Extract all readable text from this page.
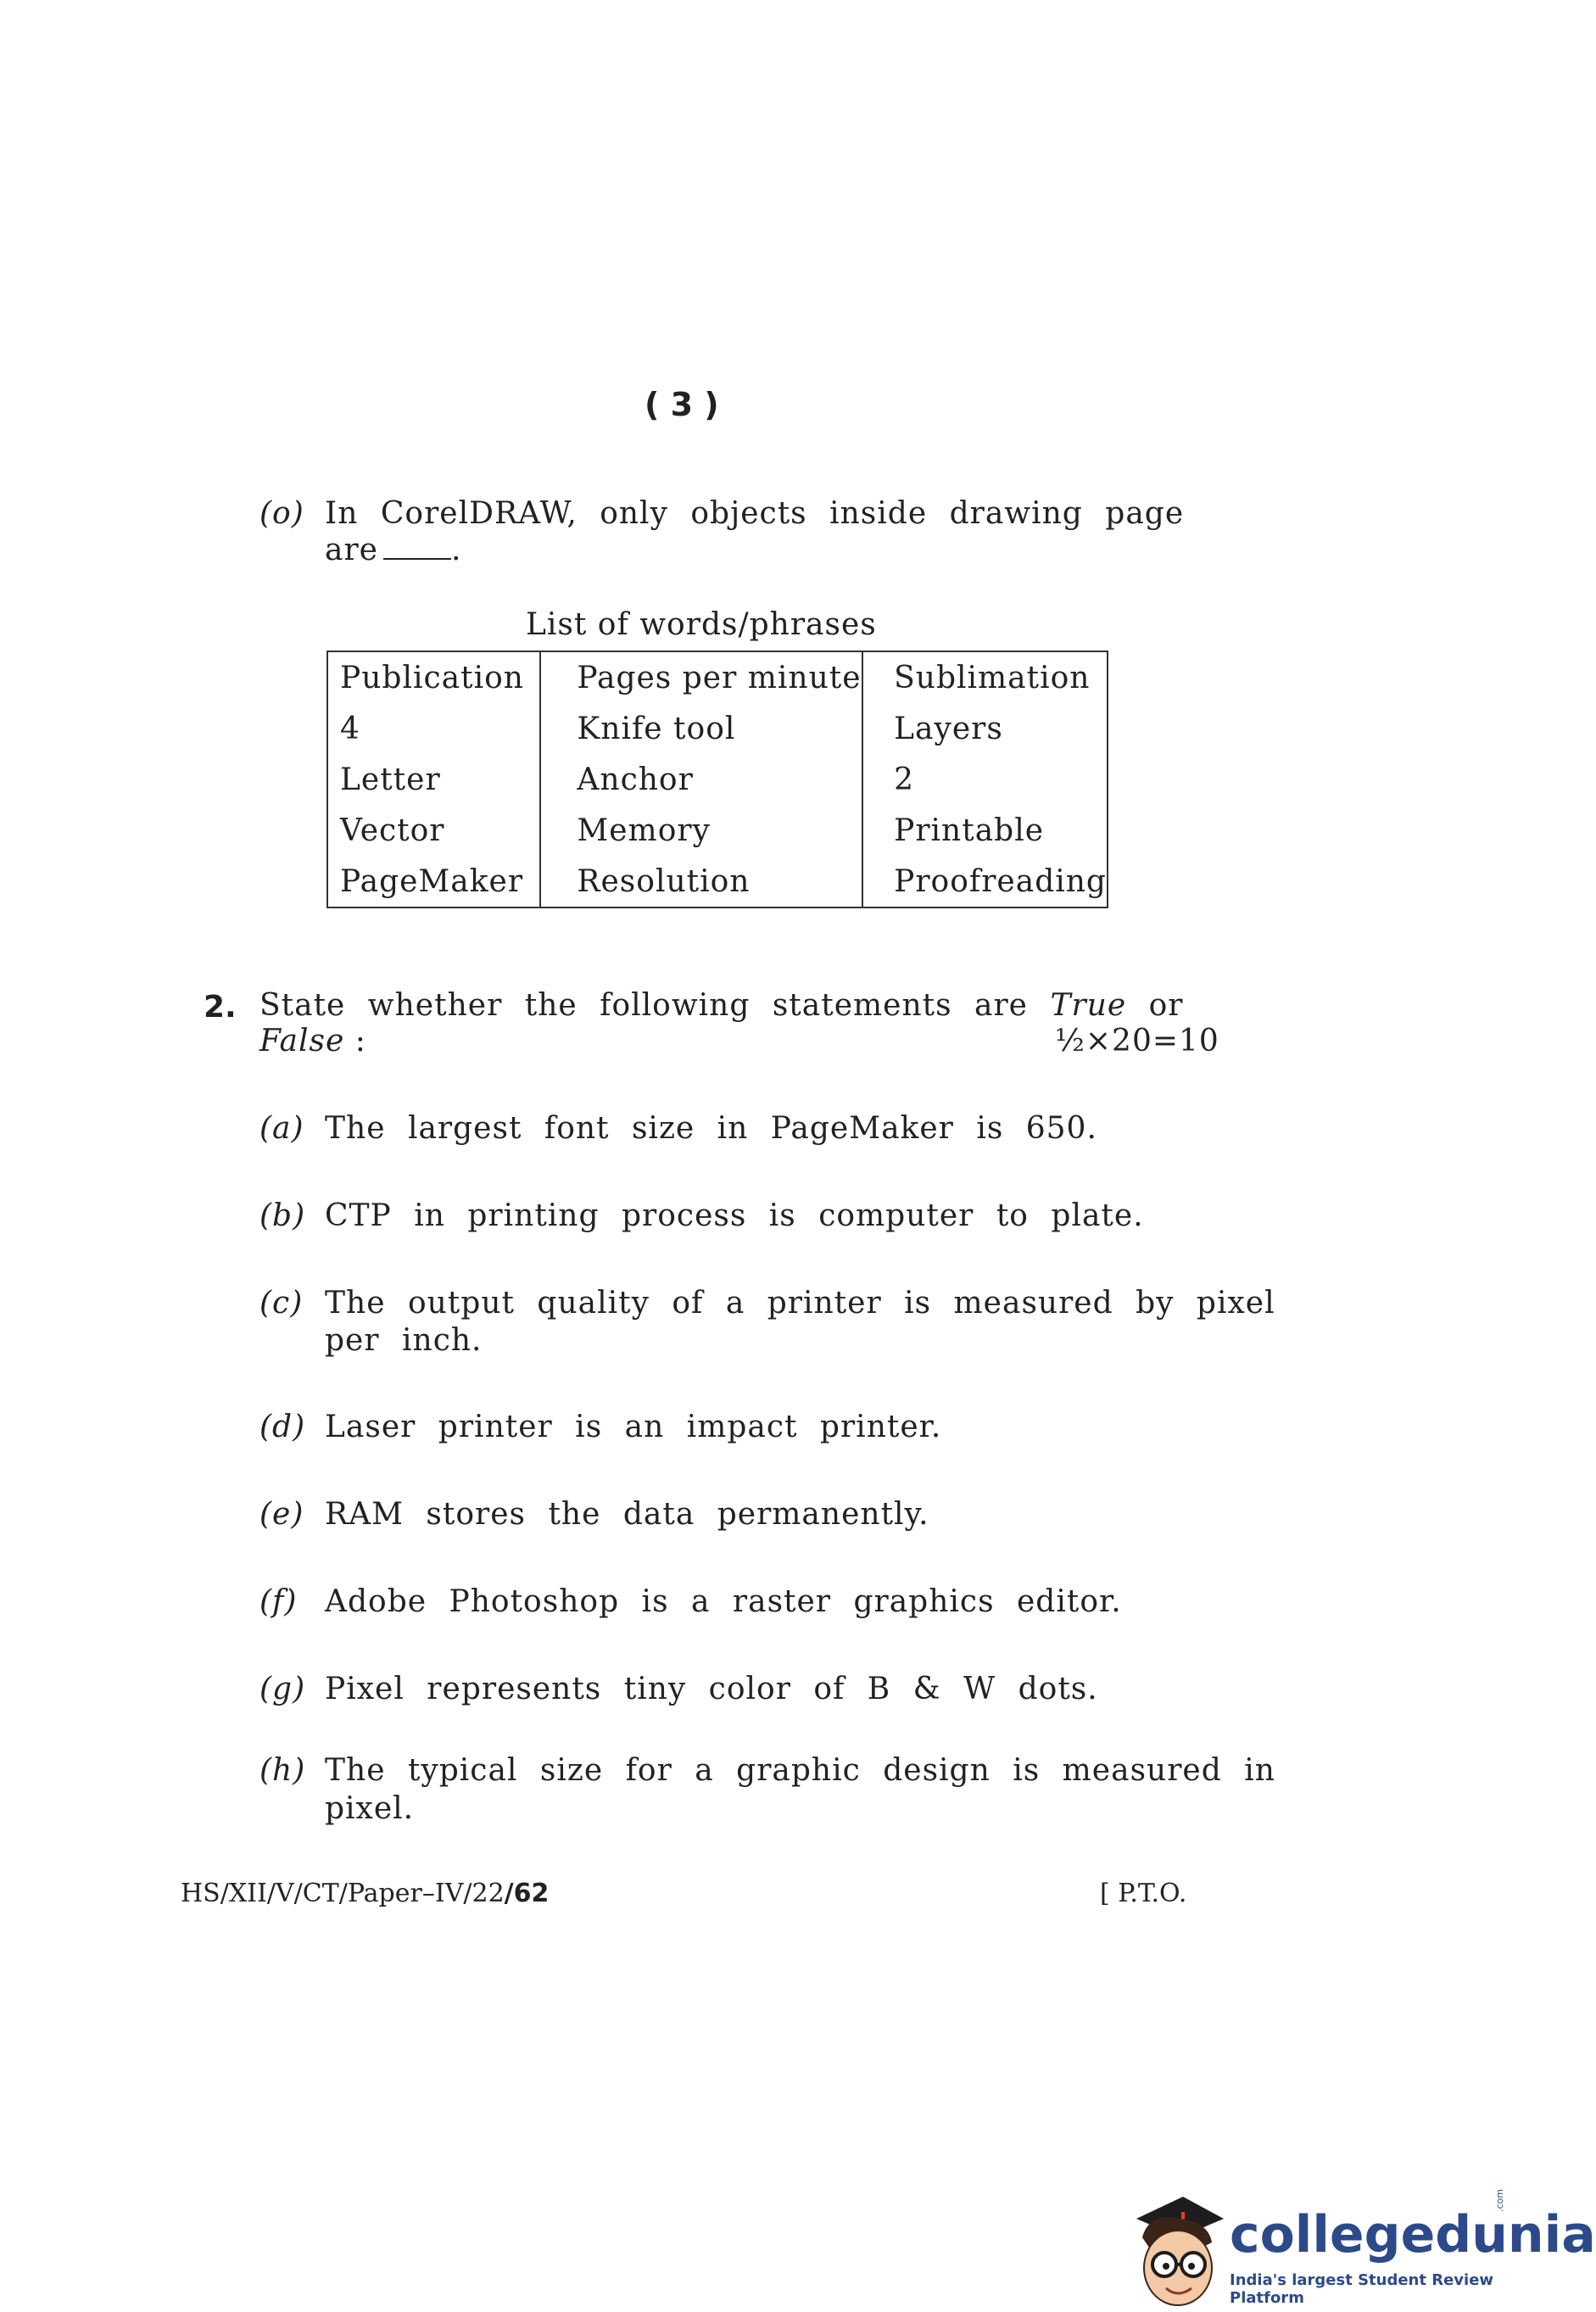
( 3 )
(o) In CorelDRAW, only objects inside drawing page
are .
List of words/phrases
Publication	Pages per minute	Sublimation
4	Knife tool	Layers
Letter	Anchor	2
Vector	Memory	Printable
PageMaker	Resolution	Proofreading
2. State whether the following statements are True or
False :	½×20=10
(a) The largest font size in PageMaker is 650.
(b) CTP in printing process is computer to plate.
(c) The output quality of a printer is measured by pixel
per inch.
(d) Laser printer is an impact printer.
(e) RAM stores the data permanently.
(f) Adobe Photoshop is a raster graphics editor.
(g) Pixel represents tiny color of B & W dots.
(h) The typical size for a graphic design is measured in
pixel.
HS/XII/V/CT/Paper–IV/22/62	[ P.T.O.
collegedunia
.com
India's largest Student Review Platform
